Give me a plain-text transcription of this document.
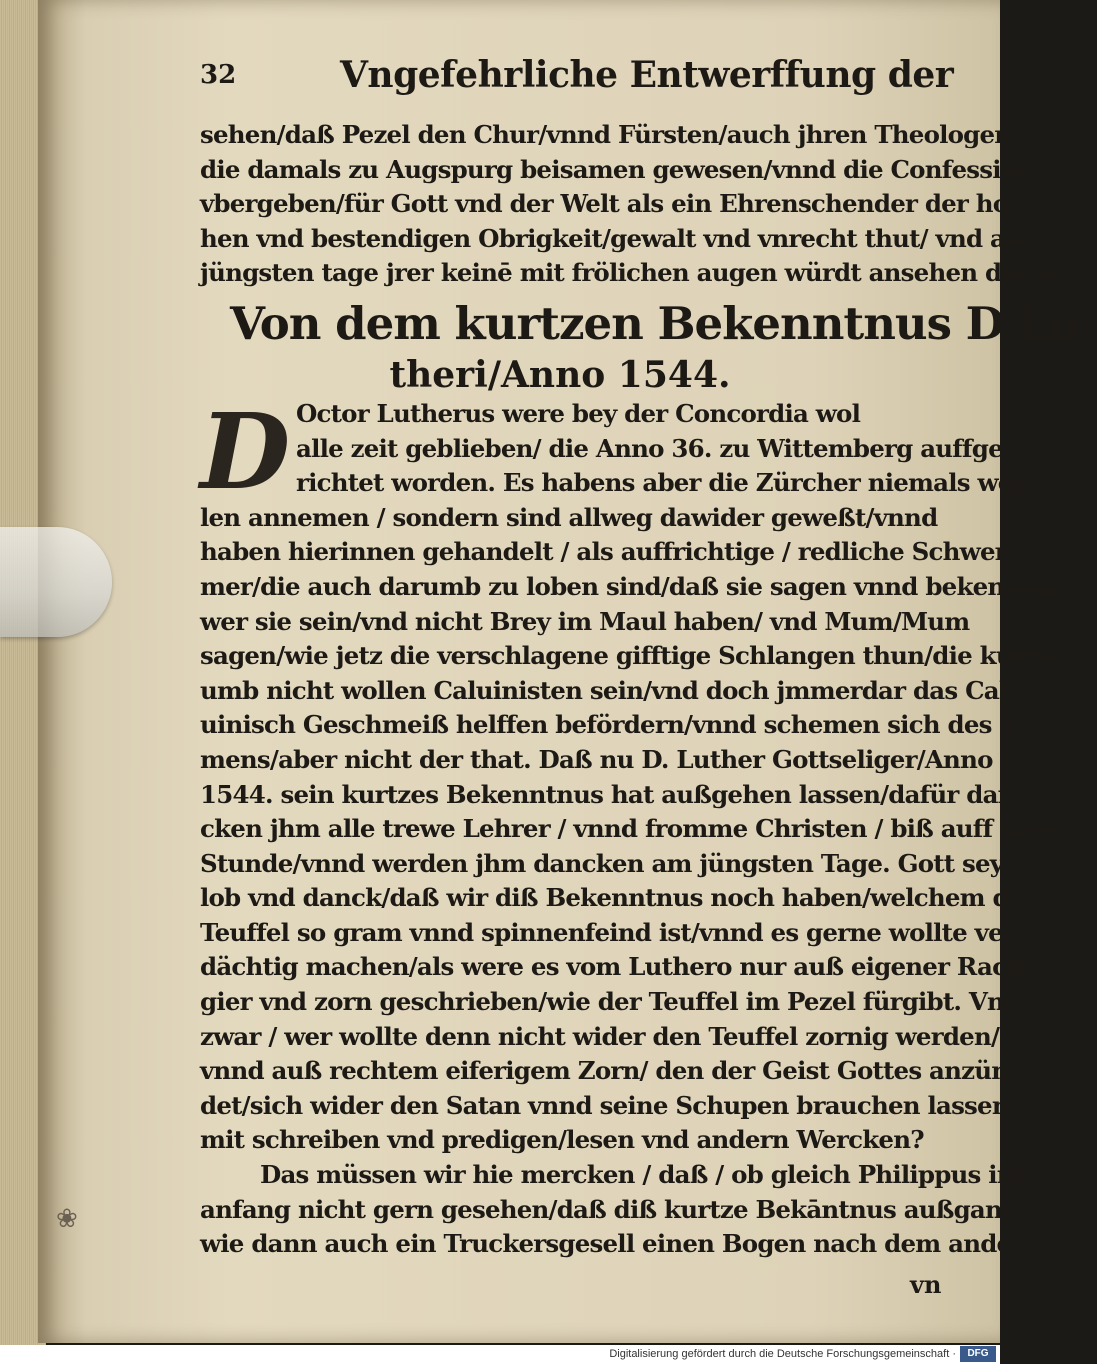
❀
32	Vngefehrliche Entwerffung der
sehen/daß Pezel den Chur/vnnd Fürsten/auch jhren Theologen/
die damals zu Augspurg beisamen gewesen/vnnd die Confession
vbergeben/für Gott vnd der Welt als ein Ehrenschender der ho-
hen vnd bestendigen Obrigkeit/gewalt vnd vnrecht thut/ vnd am
jüngsten tage jrer keinē mit frölichen augen würdt ansehen dörffe.
Von dem kurtzen Bekenntnus D.Lu-
theri/Anno 1544.
D Octor Lutherus were bey der Concordia wol
alle zeit geblieben/ die Anno 36. zu Wittemberg auffge-
richtet worden. Es habens aber die Zürcher niemals wol-
len annemen / sondern sind allweg dawider geweßt/vnnd
haben hierinnen gehandelt / als auffrichtige / redliche Schwer-
mer/die auch darumb zu loben sind/daß sie sagen vnnd bekennen/
wer sie sein/vnd nicht Brey im Maul haben/ vnd Mum/Mum
sagen/wie jetz die verschlagene gifftige Schlangen thun/die kurtz-
umb nicht wollen Caluinisten sein/vnd doch jmmerdar das Cal-
uinisch Geschmeiß helffen befördern/vnnd schemen sich des Na-
mens/aber nicht der that. Daß nu D. Luther Gottseliger/Anno
1544. sein kurtzes Bekenntnus hat außgehen lassen/dafür dan-
cken jhm alle trewe Lehrer / vnnd fromme Christen / biß auff dise
Stunde/vnnd werden jhm dancken am jüngsten Tage. Gott sey
lob vnd danck/daß wir diß Bekenntnus noch haben/welchem der
Teuffel so gram vnnd spinnenfeind ist/vnnd es gerne wollte ver-
dächtig machen/als were es vom Luthero nur auß eigener Rach-
gier vnd zorn geschrieben/wie der Teuffel im Pezel fürgibt. Vnd
zwar / wer wollte denn nicht wider den Teuffel zornig werden/
vnnd auß rechtem eiferigem Zorn/ den der Geist Gottes anzün-
det/sich wider den Satan vnnd seine Schupen brauchen lassen/
mit schreiben vnd predigen/lesen vnd andern Wercken?
Das müssen wir hie mercken / daß / ob gleich Philippus im
anfang nicht gern gesehen/daß diß kurtze Bekāntnus außgangen/
wie dann auch ein Truckersgesell einen Bogen nach dem andern
vn
Digitalisierung gefördert durch die Deutsche Forschungsgemeinschaft ·	DFG
